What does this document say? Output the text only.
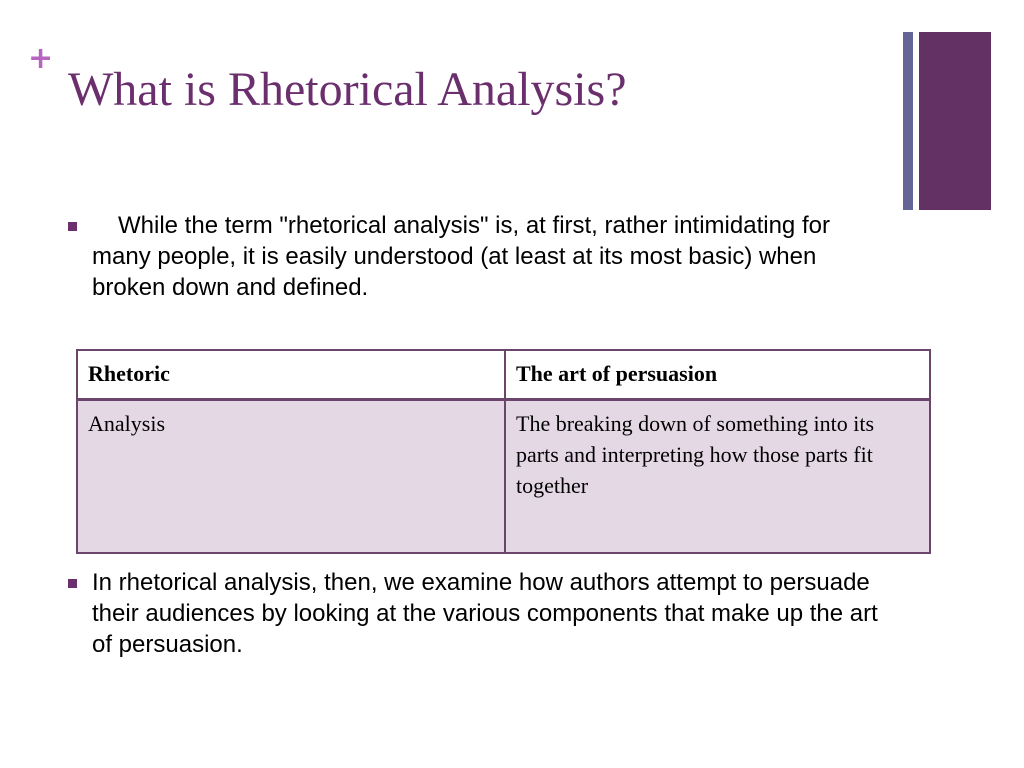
+
What is Rhetorical Analysis?
While the term "rhetorical analysis" is, at first, rather intimidating for many people, it is easily understood (at least at its most basic) when broken down and defined.
Rhetoric	The art of persuasion
Analysis	The breaking down of something into its parts and interpreting how those parts fit together
In rhetorical analysis, then, we examine how authors attempt to persuade their audiences by looking at the various components that make up the art of persuasion.
